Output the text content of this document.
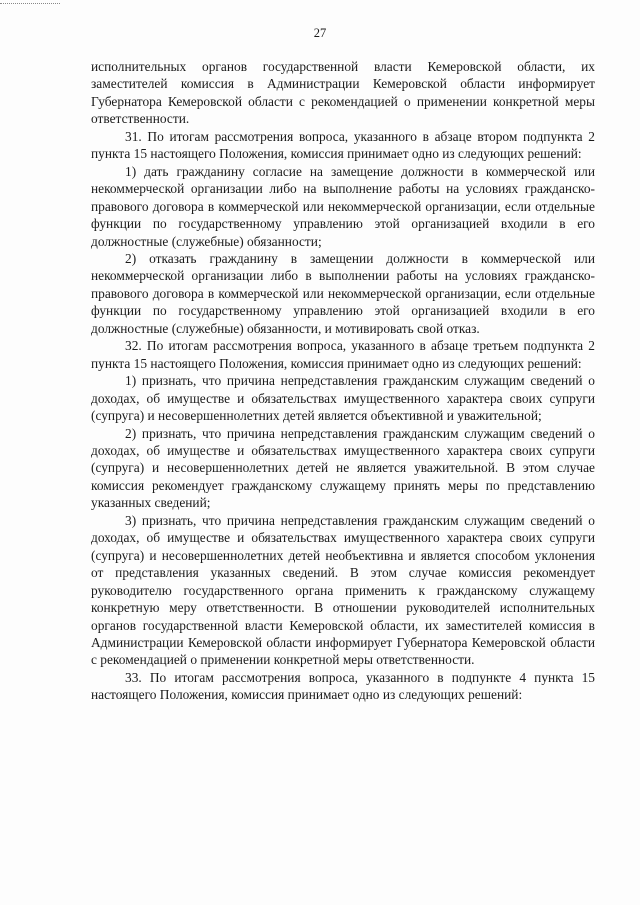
27

исполнительных органов государственной власти Кемеровской области, их заместителей комиссия в Администрации Кемеровской области информирует Губернатора Кемеровской области с рекомендацией о применении конкретной меры ответственности.

31. По итогам рассмотрения вопроса, указанного в абзаце втором подпункта 2 пункта 15 настоящего Положения, комиссия принимает одно из следующих решений:

1) дать гражданину согласие на замещение должности в коммерческой или некоммерческой организации либо на выполнение работы на условиях гражданско-правового договора в коммерческой или некоммерческой организации, если отдельные функции по государственному управлению этой организацией входили в его должностные (служебные) обязанности;

2) отказать гражданину в замещении должности в коммерческой или некоммерческой организации либо в выполнении работы на условиях гражданско-правового договора в коммерческой или некоммерческой организации, если отдельные функции по государственному управлению этой организацией входили в его должностные (служебные) обязанности, и мотивировать свой отказ.

32. По итогам рассмотрения вопроса, указанного в абзаце третьем подпункта 2 пункта 15 настоящего Положения, комиссия принимает одно из следующих решений:

1) признать, что причина непредставления гражданским служащим сведений о доходах, об имуществе и обязательствах имущественного характера своих супруги (супруга) и несовершеннолетних детей является объективной и уважительной;

2) признать, что причина непредставления гражданским служащим сведений о доходах, об имуществе и обязательствах имущественного характера своих супруги (супруга) и несовершеннолетних детей не является уважительной. В этом случае комиссия рекомендует гражданскому служащему принять меры по представлению указанных сведений;

3) признать, что причина непредставления гражданским служащим сведений о доходах, об имуществе и обязательствах имущественного характера своих супруги (супруга) и несовершеннолетних детей необъективна и является способом уклонения от представления указанных сведений. В этом случае комиссия рекомендует руководителю государственного органа применить к гражданскому служащему конкретную меру ответственности. В отношении руководителей исполнительных органов государственной власти Кемеровской области, их заместителей комиссия в Администрации Кемеровской области информирует Губернатора Кемеровской области с рекомендацией о применении конкретной меры ответственности.

33. По итогам рассмотрения вопроса, указанного в подпункте 4 пункта 15 настоящего Положения, комиссия принимает одно из следующих решений:
